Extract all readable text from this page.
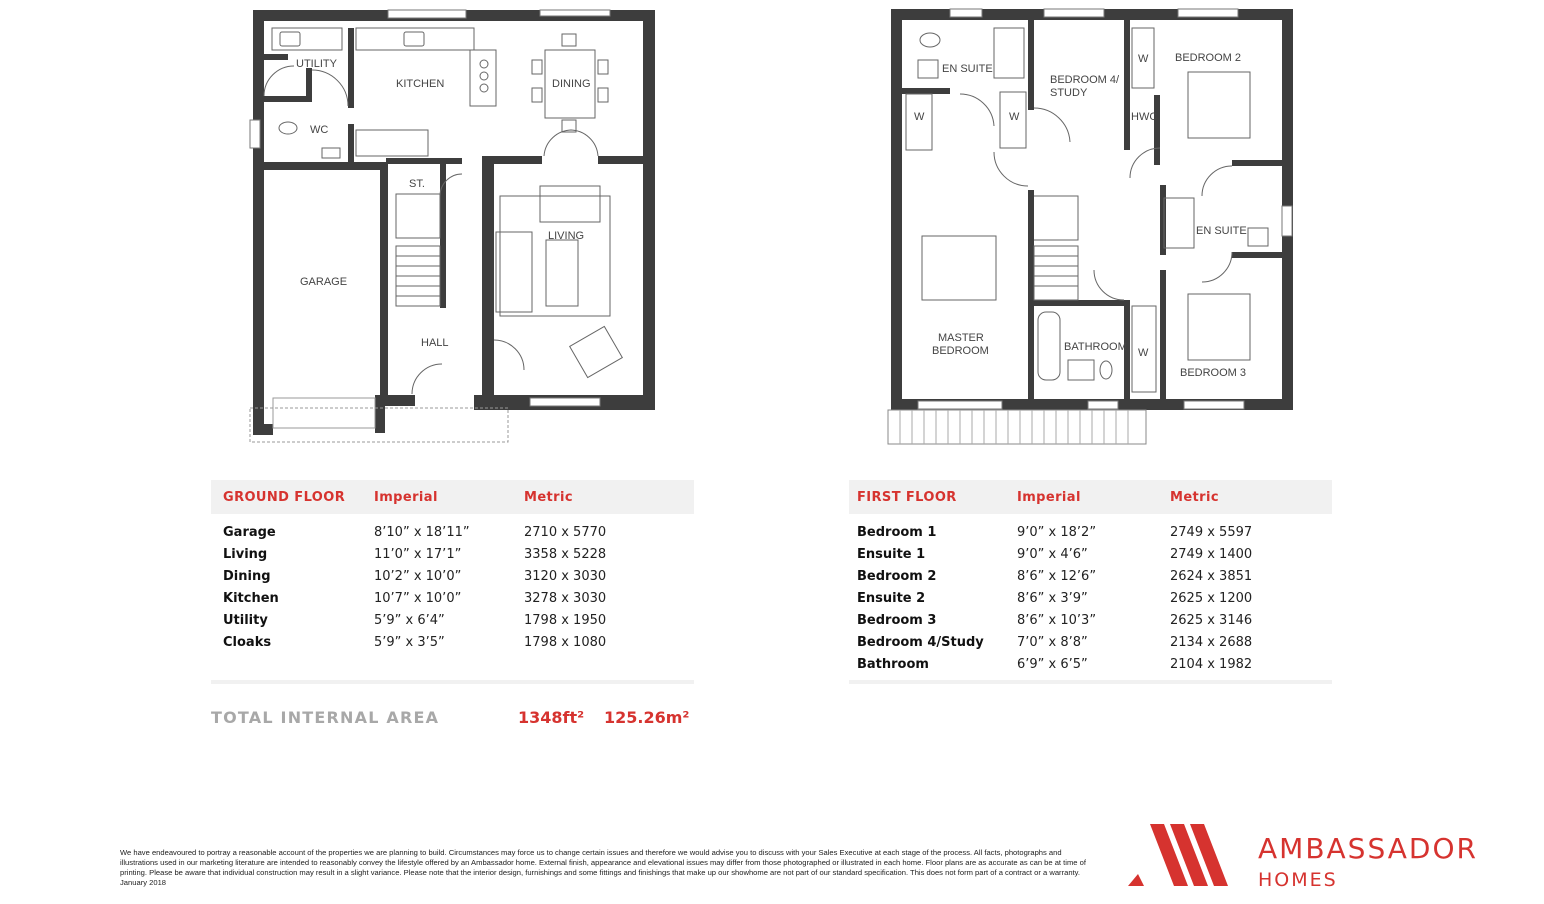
UTILITY
KITCHEN	DINING
WC
ST.
LIVING
GARAGE
HALL
EN SUITE
BEDROOM 4/
STUDY
BEDROOM 2
W
W	W
W
HWC
EN SUITE
MASTER
BEDROOM	BATHROOM
BEDROOM 3
GROUND FLOOR Imperial	Metric
Garage	8’10” x 18’11”	2710 x 5770
Living	11’0” x 17’1”	3358 x 5228
Dining	10’2” x 10’0”	3120 x 3030
Kitchen	10’7” x 10’0”	3278 x 3030
Utility	5’9” x 6’4”	1798 x 1950
Cloaks	5’9” x 3’5”	1798 x 1080
FIRST FLOOR	Imperial	Metric
Bedroom 1	9’0” x 18’2”	2749 x 5597
Ensuite 1	9’0” x 4’6”	2749 x 1400
Bedroom 2	8’6” x 12’6”	2624 x 3851
Ensuite 2	8’6” x 3’9”	2625 x 1200
Bedroom 3	8’6” x 10’3”	2625 x 3146
Bedroom 4/Study	7’0” x 8’8”	2134 x 2688
Bathroom	6’9” x 6’5”	2104 x 1982
TOTAL INTERNAL AREA	1348ft² 125.26m²
We have endeavoured to portray a reasonable account of the properties we are planning to build. Circumstances may force us to change certain issues and therefore we would advise you to discuss with your Sales Executive at each stage of the process. All facts, photographs and illustrations used in our marketing literature are intended to reasonably convey the lifestyle offered by an Ambassador home. External finish, appearance and elevational issues may differ from those photographed or illustrated in each home. Floor plans are as accurate as can be at time of printing. Please be aware that individual construction may result in a slight variance. Please note that the interior design, furnishings and some fittings and finishings that make up our showhome are not part of our standard specification. This does not form part of a contract or a warranty. January 2018
AMBASSADOR
HOMES
